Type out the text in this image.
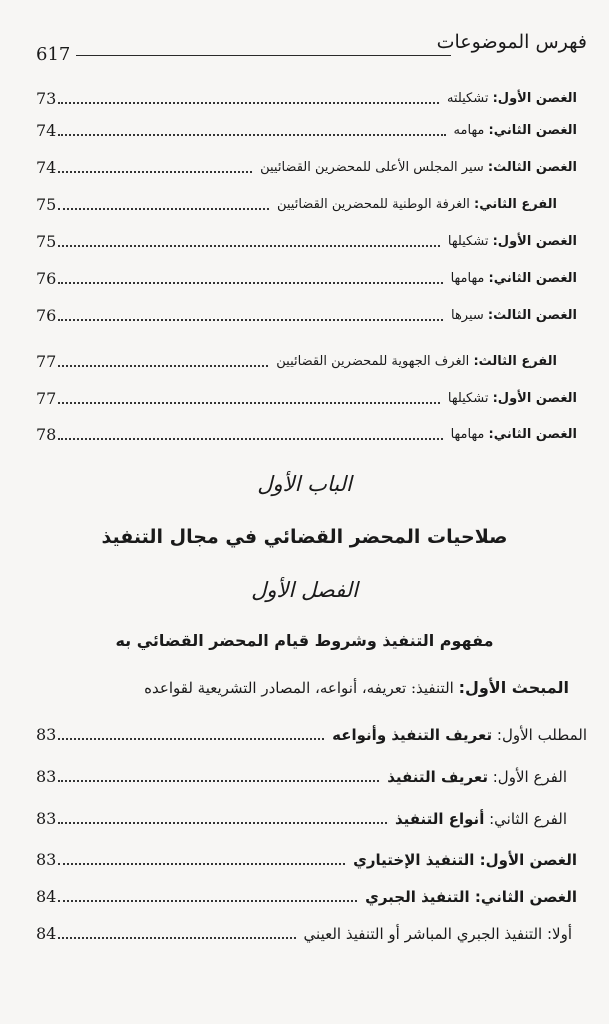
فهرس الموضوعات
617
الغصن الأول: تشكيلته
73
الغصن الثاني: مهامه
74
الغصن الثالث: سير المجلس الأعلى للمحضرين القضائيين
74
الفرع الثاني: الغرفة الوطنية للمحضرين القضائيين
75
الغصن الأول: تشكيلها
75
الغصن الثاني: مهامها
76
الغصن الثالث: سيرها
76
الفرع الثالث: الغرف الجهوية للمحضرين القضائيين
77
الغصن الأول: تشكيلها
77
الغصن الثاني: مهامها
78
الباب الأول
صلاحيات المحضر القضائي في مجال التنفيذ
الفصل الأول
مفهوم التنفيذ وشروط قيام المحضر القضائي به
المبحث الأول: التنفيذ: تعريفه، أنواعه، المصادر التشريعية لقواعده
المطلب الأول: تعريف التنفيذ وأنواعه
83
الفرع الأول: تعريف التنفيذ
83
الفرع الثاني: أنواع التنفيذ
83
الغصن الأول: التنفيذ الإختياري
83
الغصن الثاني: التنفيذ الجبري
84
أولا: التنفيذ الجبري المباشر أو التنفيذ العيني
84
